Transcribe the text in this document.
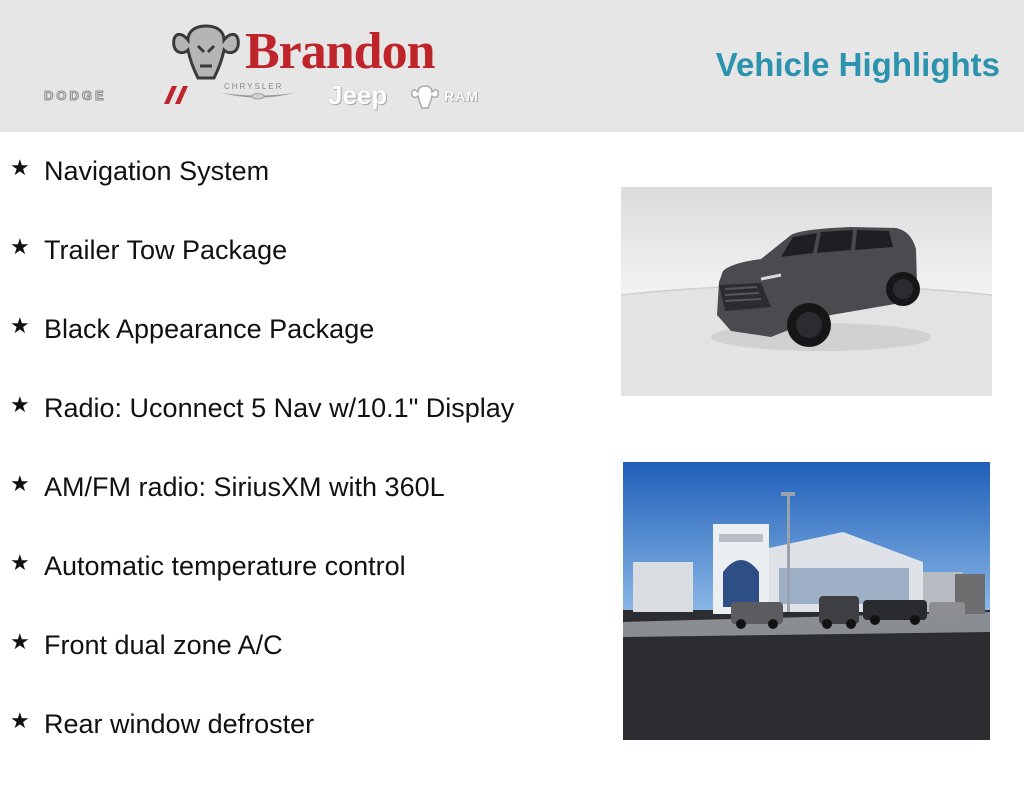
Brandon
DODGE
CHRYSLER Jeep	RAM
Vehicle Highlights
★ Navigation System
★ Trailer Tow Package
★ Black Appearance Package
★ Radio: Uconnect 5 Nav w/10.1" Display
★ AM/FM radio: SiriusXM with 360L
★ Automatic temperature control
★ Front dual zone A/C
★ Rear window defroster
